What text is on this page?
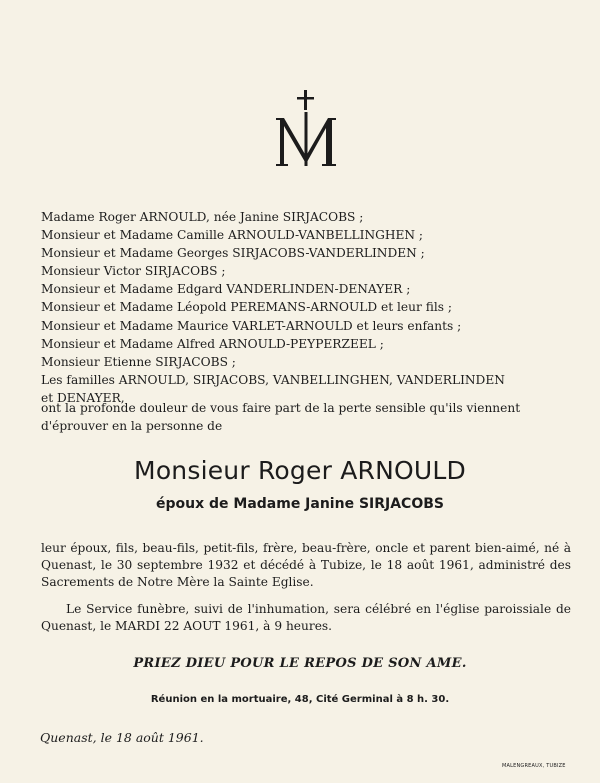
Madame Roger ARNOULD, née Janine SIRJACOBS ;
Monsieur et Madame Camille ARNOULD-VANBELLINGHEN ;
Monsieur et Madame Georges SIRJACOBS-VANDERLINDEN ;
Monsieur Victor SIRJACOBS ;
Monsieur et Madame Edgard VANDERLINDEN-DENAYER ;
Monsieur et Madame Léopold PEREMANS-ARNOULD et leur fils ;
Monsieur et Madame Maurice VARLET-ARNOULD et leurs enfants ;
Monsieur et Madame Alfred ARNOULD-PEYPERZEEL ;
Monsieur Etienne SIRJACOBS ;
Les familles ARNOULD, SIRJACOBS, VANBELLINGHEN, VANDERLINDEN
et DENAYER,
ont la profonde douleur de vous faire part de la perte sensible qu'ils viennent
d'éprouver en la personne de
Monsieur Roger ARNOULD
époux de Madame Janine SIRJACOBS
leur époux, fils, beau-fils, petit-fils, frère, beau-frère, oncle et parent bien-aimé, né à Quenast, le 30 septembre 1932 et décédé à Tubize, le 18 août 1961, administré des Sacrements de Notre Mère la Sainte Eglise.
Le Service funèbre, suivi de l'inhumation, sera célébré en l'église paroissiale de Quenast, le MARDI 22 AOUT 1961, à 9 heures.
PRIEZ DIEU POUR LE REPOS DE SON AME.
Réunion en la mortuaire, 48, Cité Germinal à 8 h. 30.
Quenast, le 18 août 1961.
MALENGREAUX, TUBIZE
